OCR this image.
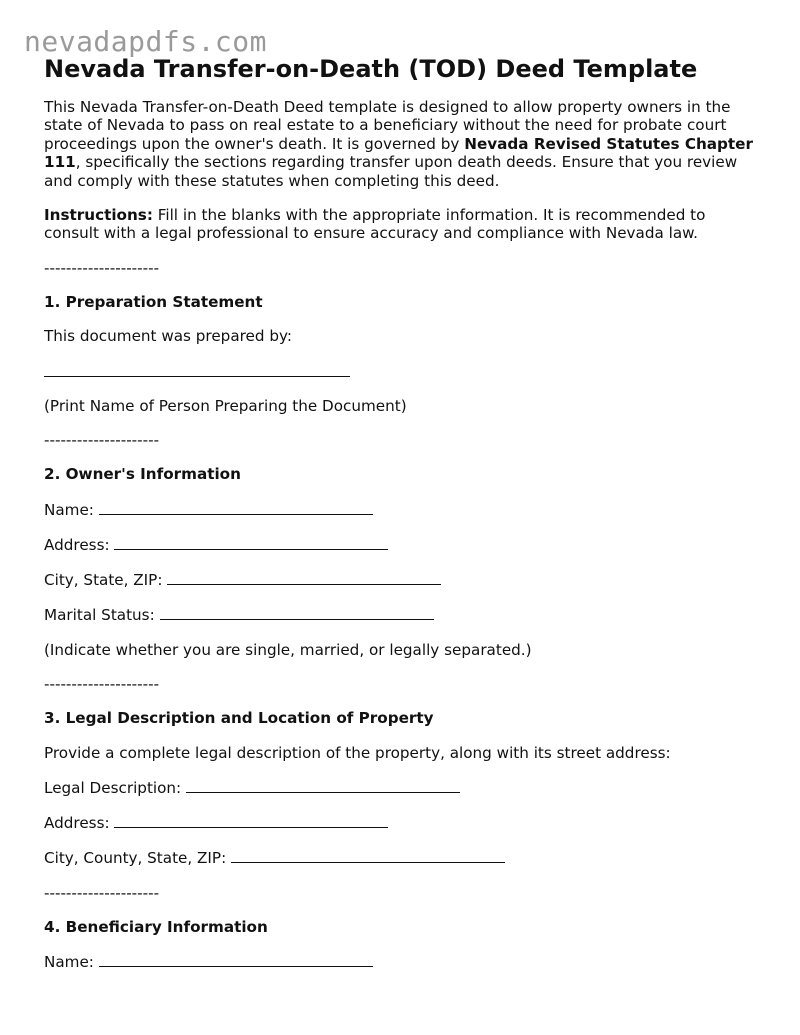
nevadapdfs.com
Nevada Transfer-on-Death (TOD) Deed Template

This Nevada Transfer-on-Death Deed template is designed to allow property owners in the state of Nevada to pass on real estate to a beneficiary without the need for probate court proceedings upon the owner's death. It is governed by Nevada Revised Statutes Chapter 111, specifically the sections regarding transfer upon death deeds. Ensure that you review and comply with these statutes when completing this deed.

Instructions: Fill in the blanks with the appropriate information. It is recommended to consult with a legal professional to ensure accuracy and compliance with Nevada law.

---------------------
1. Preparation Statement
This document was prepared by:
(Print Name of Person Preparing the Document)
---------------------
2. Owner's Information
Name:
Address:
City, State, ZIP:
Marital Status:
(Indicate whether you are single, married, or legally separated.)
---------------------
3. Legal Description and Location of Property
Provide a complete legal description of the property, along with its street address:
Legal Description:
Address:
City, County, State, ZIP:
---------------------
4. Beneficiary Information
Name:
